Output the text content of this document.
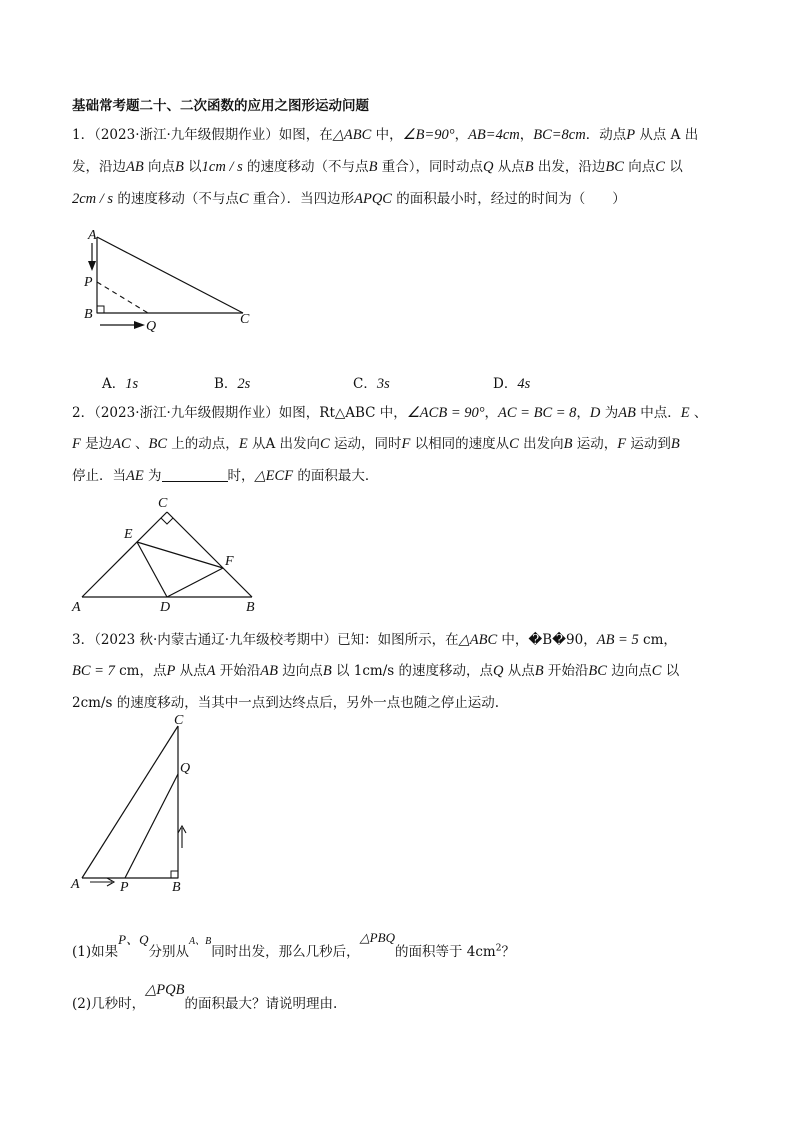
基础常考题二十、二次函数的应用之图形运动问题
1．（2023·浙江·九年级假期作业）如图，在△ABC 中，∠B=90°，AB=4cm，BC=8cm．动点P 从点 A 出
发，沿边AB 向点B 以1cm / s 的速度移动（不与点B 重合），同时动点Q 从点B 出发，沿边BC 向点C 以
2cm / s 的速度移动（不与点C 重合）．当四边形APQC 的面积最小时，经过的时间为（　　）
A
P
B
Q	C
A．1s	B．2s	C．3s	D．4s
2．（2023·浙江·九年级假期作业）如图，Rt△ABC 中，∠ACB = 90°，AC = BC = 8，D 为AB 中点．E 、
F 是边AC 、BC 上的动点，E 从A 出发向C 运动，同时F 以相同的速度从C 出发向B 运动，F 运动到B
停止．当AE 为	时，△ECF 的面积最大．
C
E
F
A	D	B
3．（2023 秋·内蒙古通辽·九年级校考期中）已知：如图所示，在△ABC 中，�B�90，AB = 5 cm，
BC = 7 cm，点P 从点A 开始沿AB 边向点B 以 1cm/s 的速度移动，点Q 从点B 开始沿BC 边向点C 以
2cm/s 的速度移动，当其中一点到达终点后，另外一点也随之停止运动.
C
Q
A	P	B
(1)如果P、Q分别从$^{A、B}$同时出发，那么几秒后，△PBQ的面积等于 $4cm^2$？
(2)几秒时，△PQB的面积最大？请说明理由.
